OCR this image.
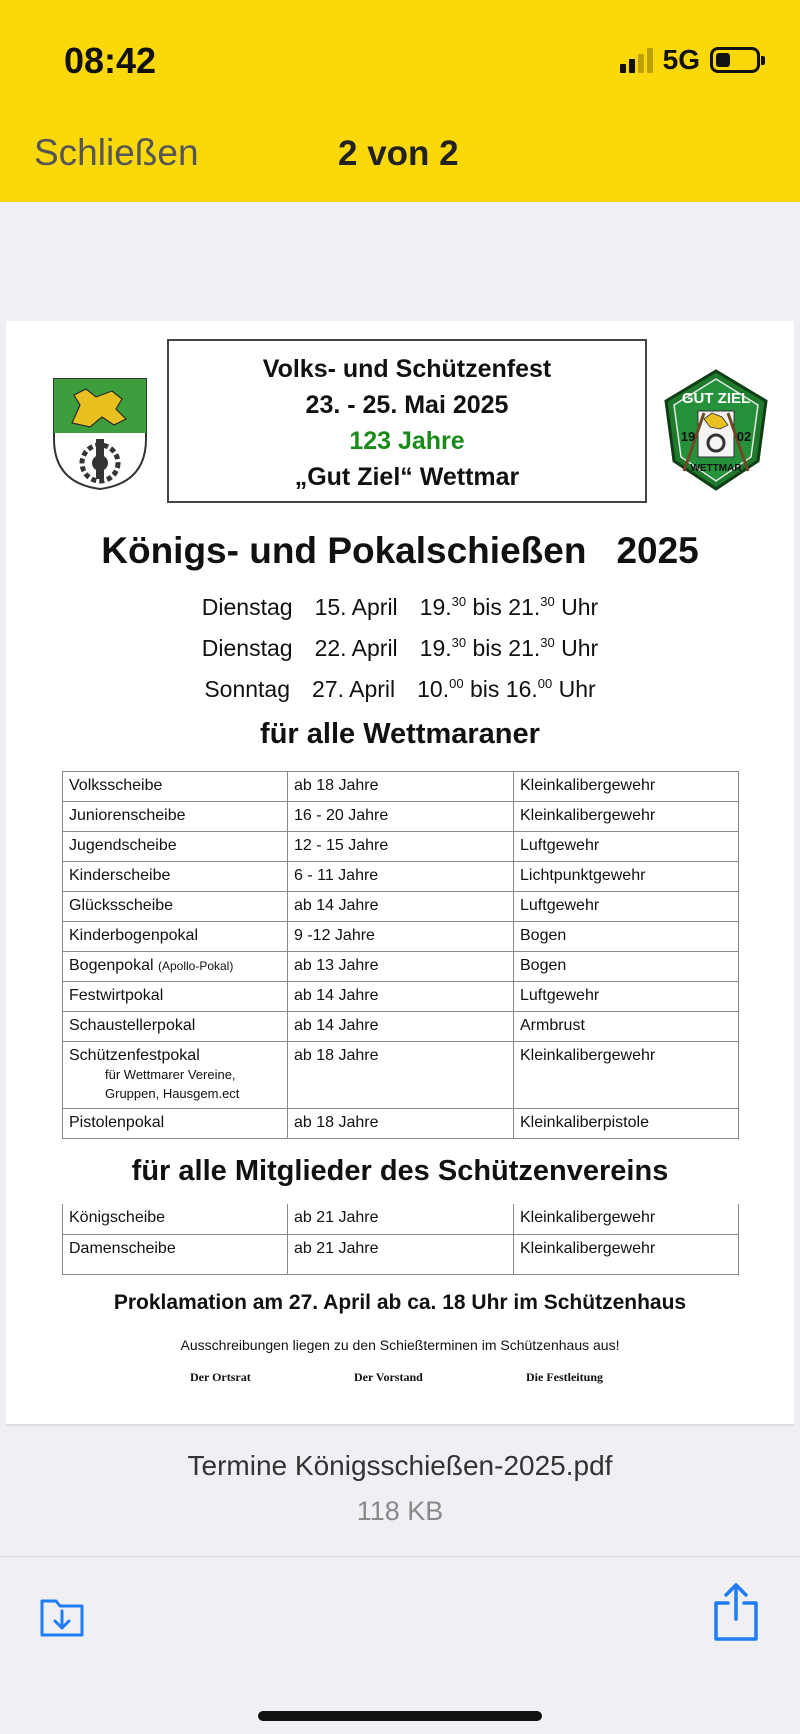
08:42	5G
Schließen	2 von 2
Volks- und Schützenfest
23. - 25. Mai 2025
123 Jahre
„Gut Ziel“ Wettmar
GUT ZIEL
19	02
WETTMAR
Königs- und Pokalschießen 2025
Dienstag 15. April 19.30 bis 21.30 Uhr
Dienstag 22. April 19.30 bis 21.30 Uhr
Sonntag 27. April 10.00 bis 16.00 Uhr
für alle Wettmaraner
Volksscheibe	ab 18 Jahre	Kleinkalibergewehr
Juniorenscheibe	16 - 20 Jahre	Kleinkalibergewehr
Jugendscheibe	12 - 15 Jahre	Luftgewehr
Kinderscheibe	6 - 11 Jahre	Lichtpunktgewehr
Glücksscheibe	ab 14 Jahre	Luftgewehr
Kinderbogenpokal	9 -12 Jahre	Bogen
Bogenpokal (Apollo-Pokal)	ab 13 Jahre	Bogen
Festwirtpokal	ab 14 Jahre	Luftgewehr
Schaustellerpokal	ab 14 Jahre	Armbrust
Schützenfestpokal
für Wettmarer Vereine,
Gruppen, Hausgem.ect	ab 18 Jahre	Kleinkalibergewehr
Pistolenpokal	ab 18 Jahre	Kleinkaliberpistole
für alle Mitglieder des Schützenvereins
Königscheibe	ab 21 Jahre	Kleinkalibergewehr
Damenscheibe	ab 21 Jahre	Kleinkalibergewehr
Proklamation am 27. April ab ca. 18 Uhr im Schützenhaus
Ausschreibungen liegen zu den Schießterminen im Schützenhaus aus!
Der Ortsrat	Der Vorstand	Die Festleitung
Termine Königsschießen-2025.pdf
118 KB
